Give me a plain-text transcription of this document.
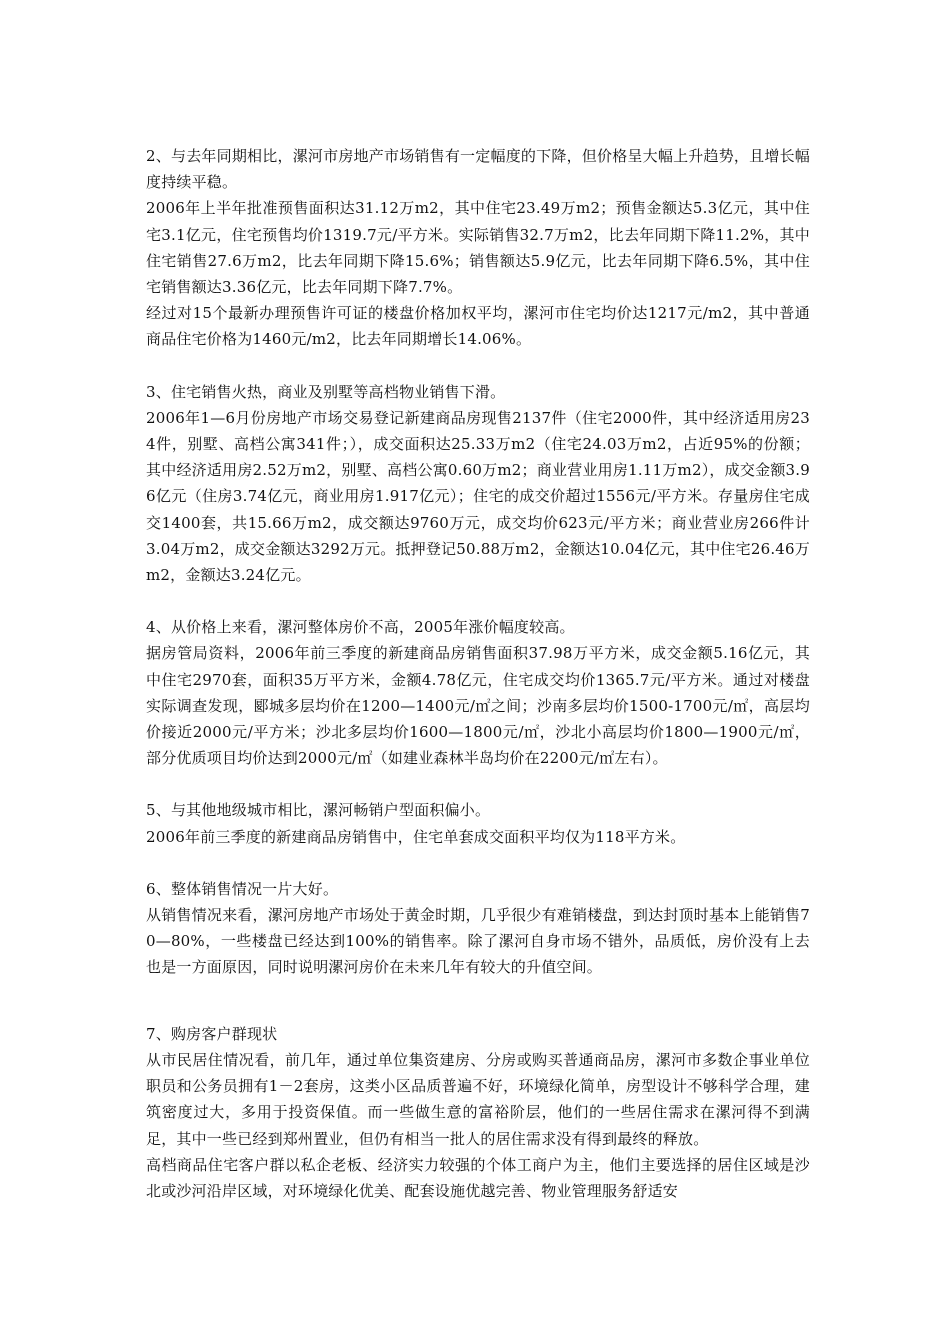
2、与去年同期相比，漯河市房地产市场销售有一定幅度的下降，但价格呈大幅上升趋势，且增长幅度持续平稳。

2006年上半年批准预售面积达31.12万m2，其中住宅23.49万m2；预售金额达5.3亿元，其中住宅3.1亿元，住宅预售均价1319.7元/平方米。实际销售32.7万m2，比去年同期下降11.2%，其中住宅销售27.6万m2，比去年同期下降15.6%；销售额达5.9亿元，比去年同期下降6.5%，其中住宅销售额达3.36亿元，比去年同期下降7.7%。

经过对15个最新办理预售许可证的楼盘价格加权平均，漯河市住宅均价达1217元/m2，其中普通商品住宅价格为1460元/m2，比去年同期增长14.06%。

3、住宅销售火热，商业及别墅等高档物业销售下滑。

2006年1—6月份房地产市场交易登记新建商品房现售2137件（住宅2000件，其中经济适用房234件，别墅、高档公寓341件；），成交面积达25.33万m2（住宅24.03万m2，占近95%的份额；其中经济适用房2.52万m2，别墅、高档公寓0.60万m2；商业营业用房1.11万m2），成交金额3.96亿元（住房3.74亿元，商业用房1.917亿元）；住宅的成交价超过1556元/平方米。存量房住宅成交1400套，共15.66万m2，成交额达9760万元，成交均价623元/平方米；商业营业房266件计3.04万m2，成交金额达3292万元。抵押登记50.88万m2，金额达10.04亿元，其中住宅26.46万m2，金额达3.24亿元。

4、从价格上来看，漯河整体房价不高，2005年涨价幅度较高。

据房管局资料，2006年前三季度的新建商品房销售面积37.98万平方米，成交金额5.16亿元，其中住宅2970套，面积35万平方米，金额4.78亿元，住宅成交均价1365.7元/平方米。通过对楼盘实际调查发现，郾城多层均价在1200—1400元/㎡之间；沙南多层均价1500-1700元/㎡，高层均价接近2000元/平方米；沙北多层均价1600—1800元/㎡，沙北小高层均价1800—1900元/㎡，部分优质项目均价达到2000元/㎡（如建业森林半岛均价在2200元/㎡左右）。

5、与其他地级城市相比，漯河畅销户型面积偏小。

2006年前三季度的新建商品房销售中，住宅单套成交面积平均仅为118平方米。

6、整体销售情况一片大好。

从销售情况来看，漯河房地产市场处于黄金时期，几乎很少有难销楼盘，到达封顶时基本上能销售70—80%，一些楼盘已经达到100%的销售率。除了漯河自身市场不错外，品质低，房价没有上去也是一方面原因，同时说明漯河房价在未来几年有较大的升值空间。

7、购房客户群现状

从市民居住情况看，前几年，通过单位集资建房、分房或购买普通商品房，漯河市多数企事业单位职员和公务员拥有1－2套房，这类小区品质普遍不好，环境绿化简单，房型设计不够科学合理，建筑密度过大，多用于投资保值。而一些做生意的富裕阶层，他们的一些居住需求在漯河得不到满足，其中一些已经到郑州置业，但仍有相当一批人的居住需求没有得到最终的释放。

高档商品住宅客户群以私企老板、经济实力较强的个体工商户为主，他们主要选择的居住区域是沙北或沙河沿岸区域，对环境绿化优美、配套设施优越完善、物业管理服务舒适安
